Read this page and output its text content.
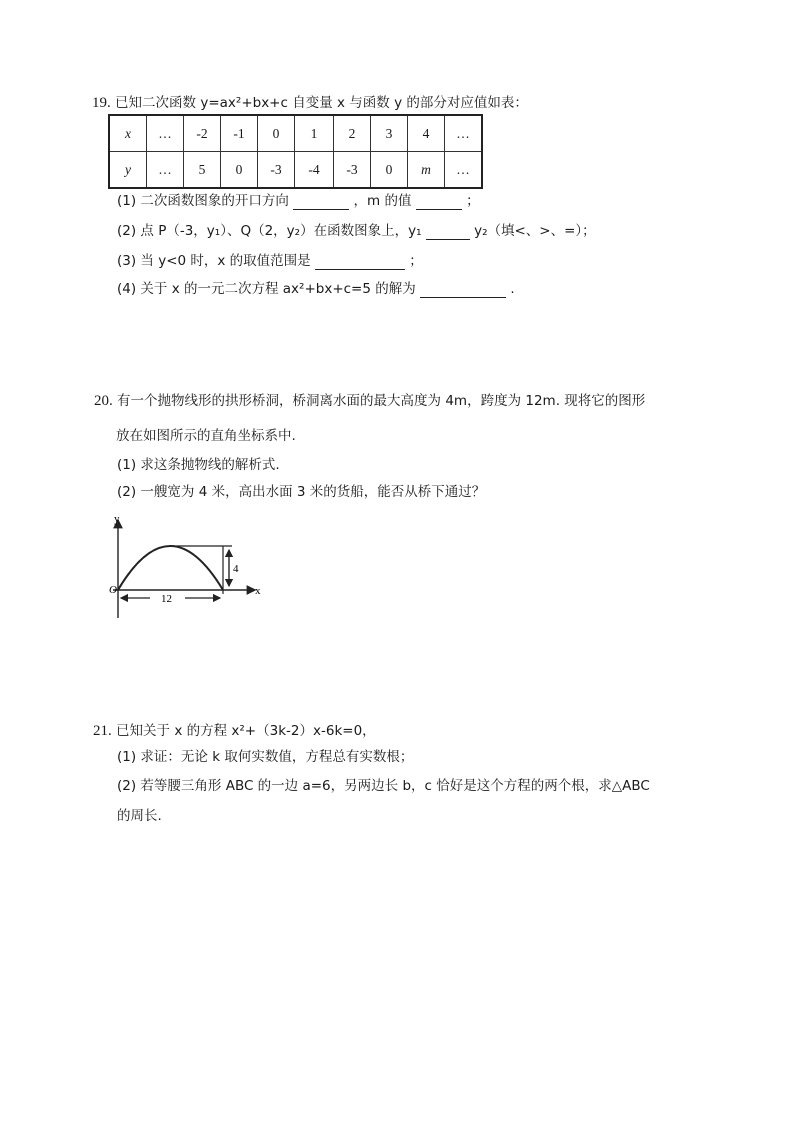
19. 已知二次函数 y=ax²+bx+c 自变量 x 与函数 y 的部分对应值如表：
x	…	-2	-1	0	1	2	3	4	…
y	…	5	0	-3	-4	-3	0	m	…
(1) 二次函数图象的开口方向	，m 的值	；
(2) 点 P（-3，y₁）、Q（2，y₂）在函数图象上，y₁	y₂（填<、>、=）；
(3) 当 y<0 时，x 的取值范围是	；
(4) 关于 x 的一元二次方程 ax²+bx+c=5 的解为	.
20. 有一个抛物线形的拱形桥洞，桥洞离水面的最大高度为 4m，跨度为 12m. 现将它的图形
放在如图所示的直角坐标系中.
(1) 求这条抛物线的解析式.
(2) 一艘宽为 4 米，高出水面 3 米的货船，能否从桥下通过？
y
x
O
4
12
21. 已知关于 x 的方程 x²+（3k-2）x-6k=0，
(1) 求证：无论 k 取何实数值，方程总有实数根；
(2) 若等腰三角形 ABC 的一边 a=6，另两边长 b，c 恰好是这个方程的两个根，求△ABC
的周长.
